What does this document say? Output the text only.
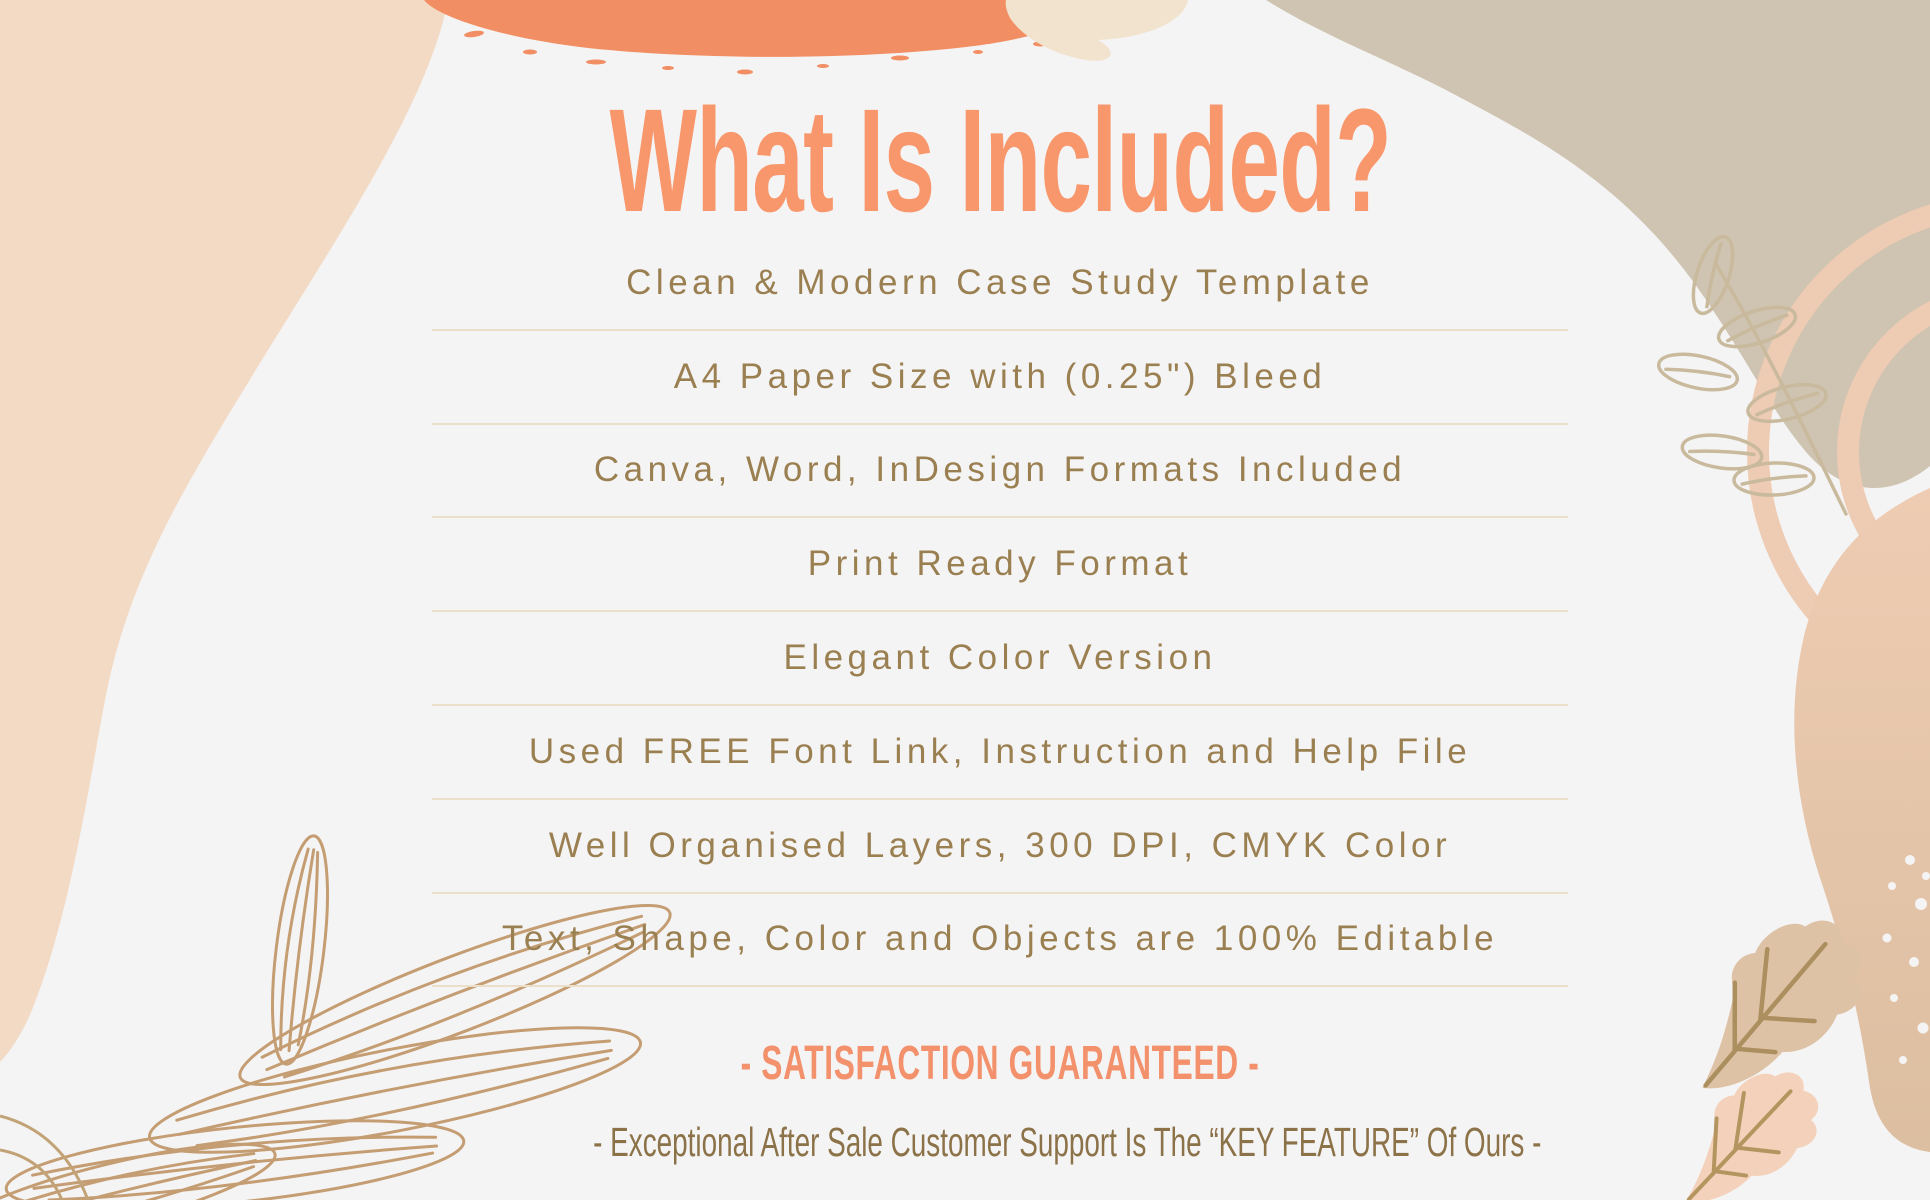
What Is Included?
Clean & Modern Case Study Template
A4 Paper Size with (0.25") Bleed
Canva, Word, InDesign Formats Included
Print Ready Format
Elegant Color Version
Used FREE Font Link, Instruction and Help File
Well Organised Layers, 300 DPI, CMYK Color
Text, Shape, Color and Objects are 100% Editable
- SATISFACTION GUARANTEED -
- Exceptional After Sale Customer Support Is The “KEY FEATURE” Of Ours -
